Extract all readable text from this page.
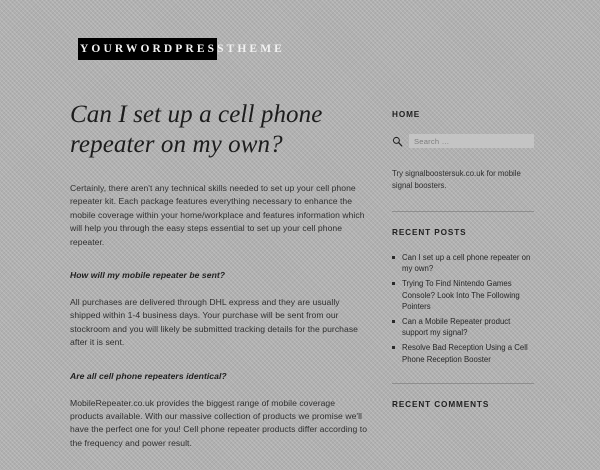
YOURWORDPRESSTHEME
Can I set up a cell phone repeater on my own?

Certainly, there aren't any technical skills needed to set up your cell phone repeater kit. Each package features everything necessary to enhance the mobile coverage within your home/workplace and features information which will help you through the easy steps essential to set up your cell phone repeater.

How will my mobile repeater be sent?

All purchases are delivered through DHL express and they are usually shipped within 1-4 business days. Your purchase will be sent from our stockroom and you will likely be submitted tracking details for the purchase after it is sent.

Are all cell phone repeaters identical?

MobileRepeater.co.uk provides the biggest range of mobile coverage products available. With our massive collection of products we promise we'll have the perfect one for you! Cell phone repeater products differ according to the frequency and power result.

HOME
Search …

Try signalboostersuk.co.uk for mobile signal boosters.

RECENT POSTS
Can I set up a cell phone repeater on my own?
Trying To Find Nintendo Games Console? Look Into The Following Pointers
Can a Mobile Repeater product support my signal?
Resolve Bad Reception Using a Cell Phone Reception Booster
RECENT COMMENTS
